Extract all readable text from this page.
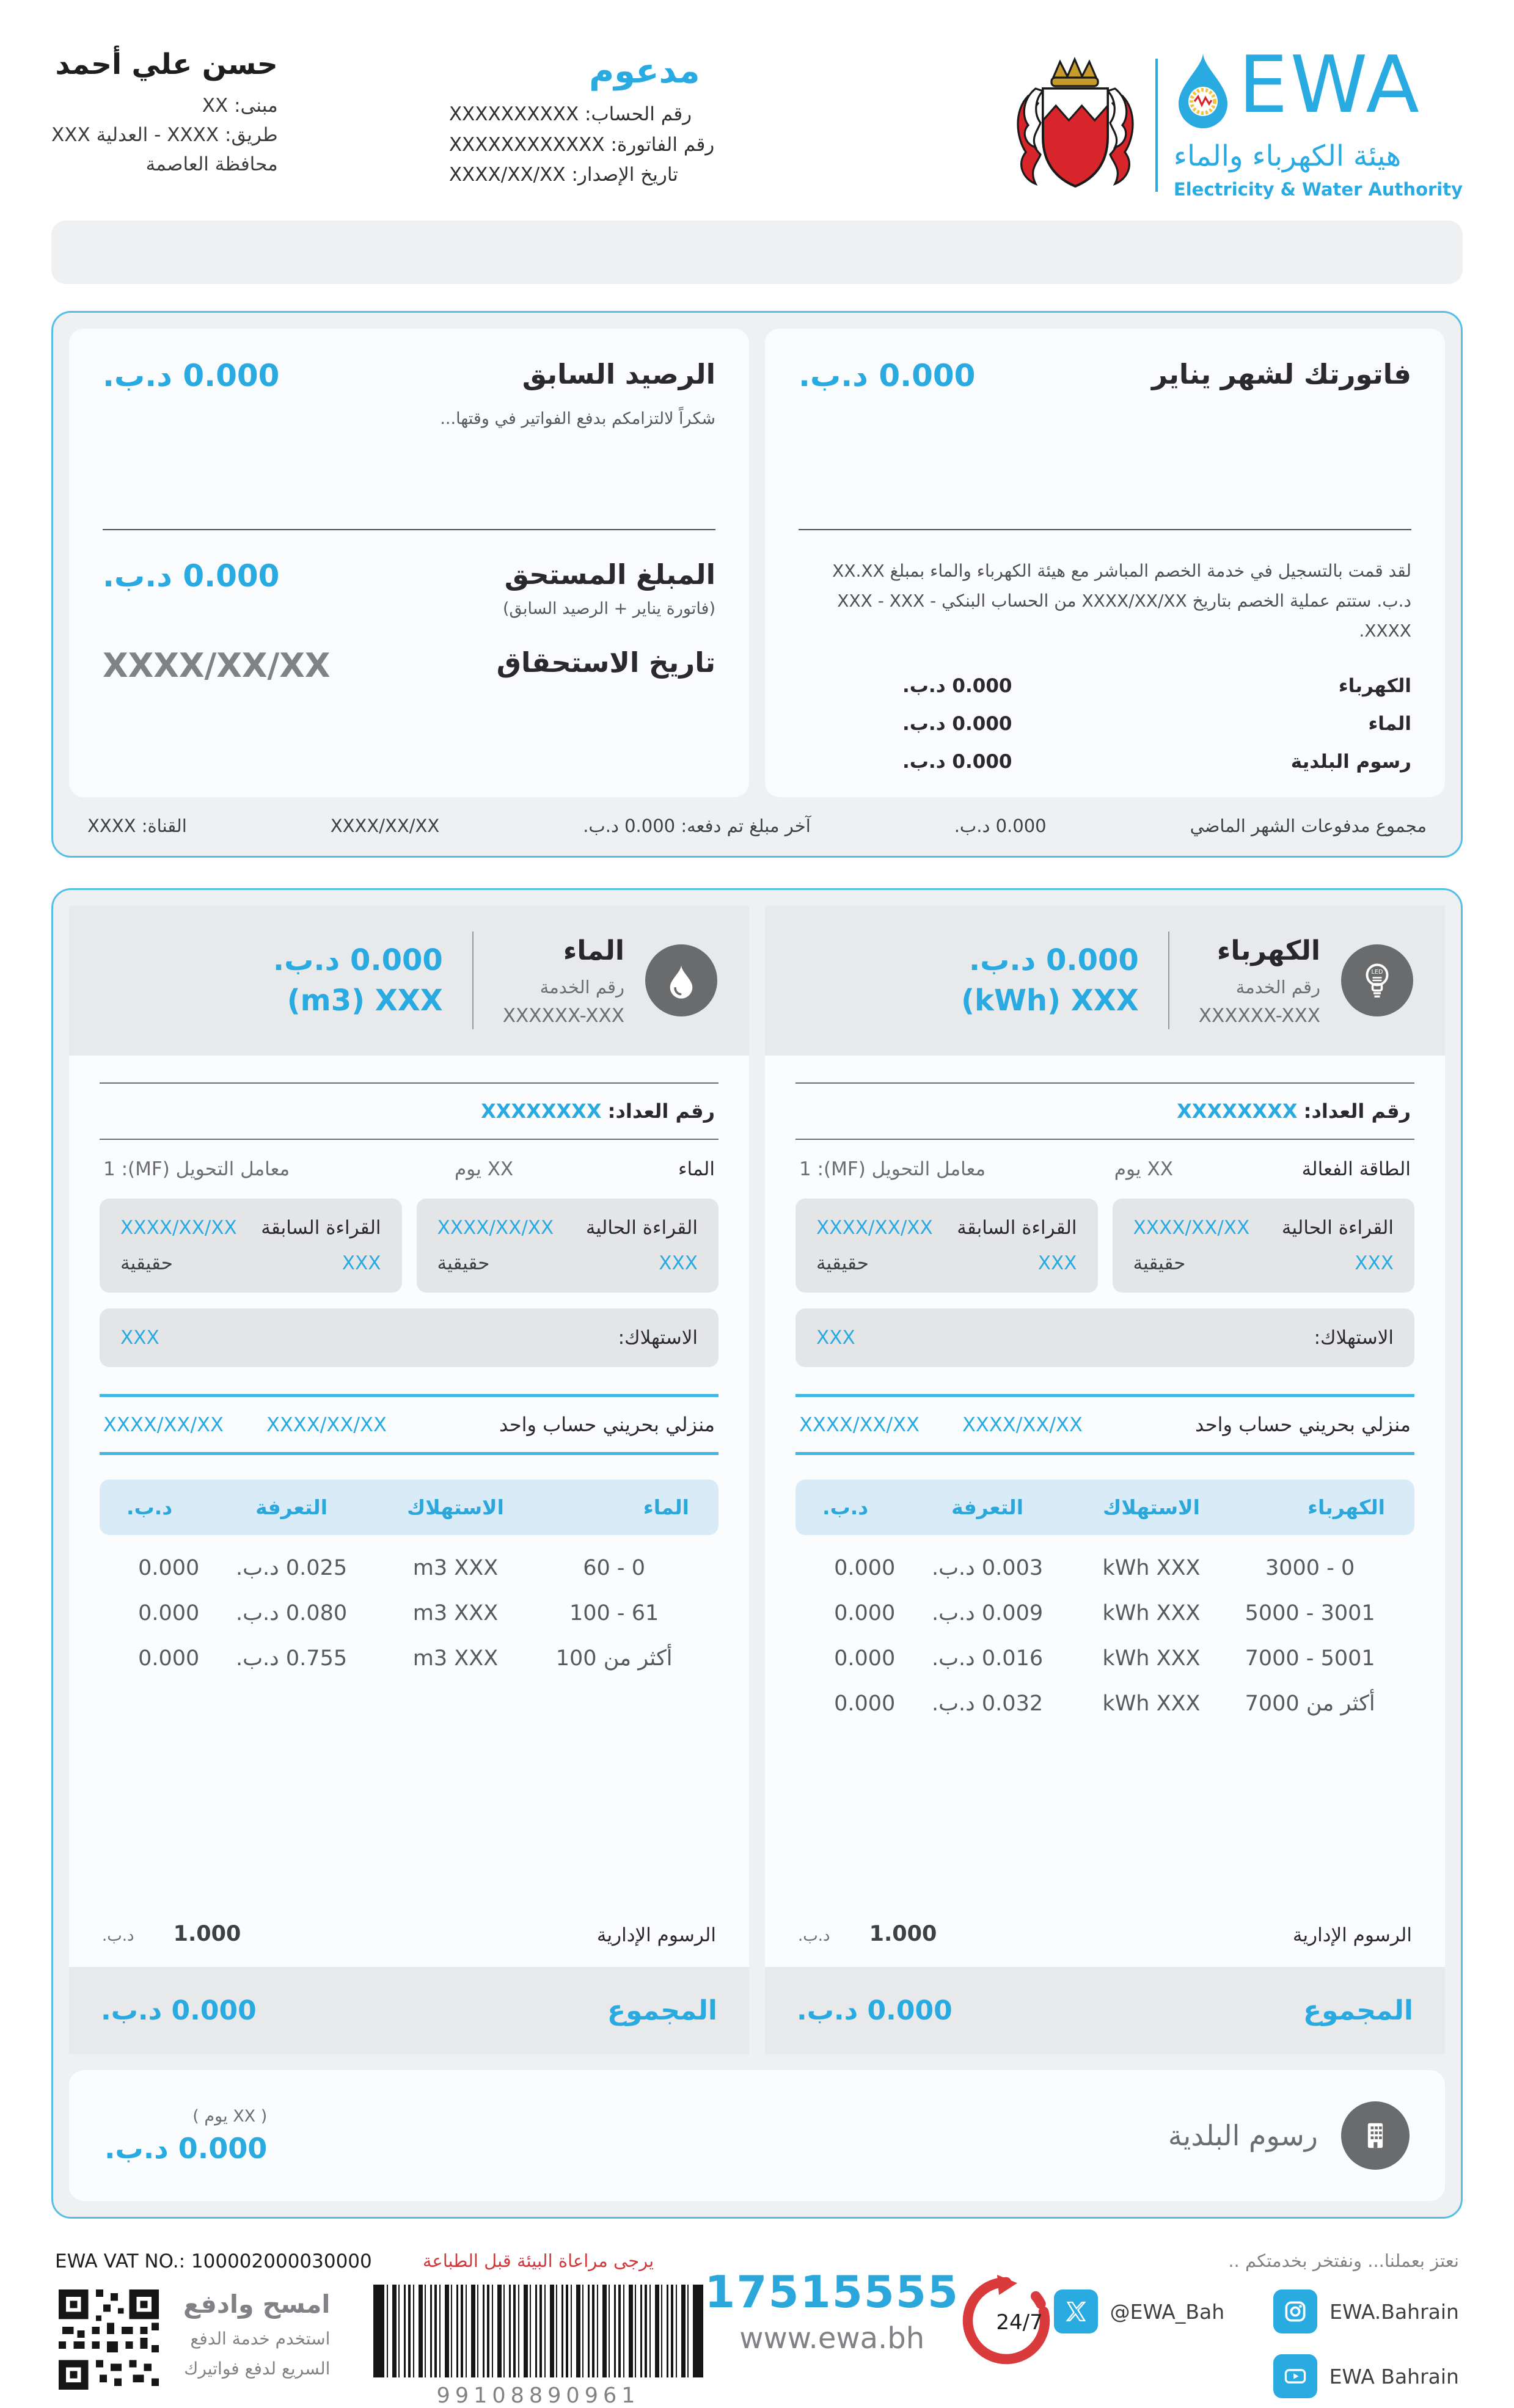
EWA
هيئة الكهرباء والماء
Electricity & Water Authority
مدعوم
رقم الحساب: XXXXXXXXXX
رقم الفاتورة: XXXXXXXXXXXX
تاريخ الإصدار: XXXX/XX/XX
حسن علي أحمد
مبنى: XX
طريق: XXXX - العدلية XXX
محافظة العاصمة
فاتورتك لشهر يناير
0.000 د.ب.
لقد قمت بالتسجيل في خدمة الخصم المباشر مع هيئة الكهرباء والماء بمبلغ XX.XX د.ب. ستتم عملية الخصم بتاريخ XXXX/XX/XX من الحساب البنكي - XXX - XXX XXXX.
الكهرباء
0.000 د.ب.
الماء
0.000 د.ب.
رسوم البلدية
0.000 د.ب.
الرصيد السابق
0.000 د.ب.
شكراً لالتزامكم بدفع الفواتير في وقتها...
المبلغ المستحق
(فاتورة يناير + الرصيد السابق)
0.000 د.ب.
تاريخ الاستحقاق
XXXX/XX/XX
مجموع مدفوعات الشهر الماضي
0.000 د.ب.
آخر مبلغ تم دفعه: 0.000 د.ب.
XXXX/XX/XX
القناة: XXXX
LED
الكهرباء
رقم الخدمة
XXXXXX-XXX
0.000 د.ب.
(kWh) XXX
رقم العداد: XXXXXXXX
الطاقة الفعالة
XX يوم
معامل التحويل (MF): 1
القراءة الحالية
XXXX/XX/XX
XXX
حقيقية
القراءة السابقة
XXXX/XX/XX
XXX
حقيقية
الاستهلاك:
XXX
منزلي بحريني حساب واحد
XXXX/XX/XX
XXXX/XX/XX
الكهرباء
الاستهلاك
التعرفة
د.ب.
0 - 3000
kWh XXX
0.003 د.ب.
0.000
3001 - 5000
kWh XXX
0.009 د.ب.
0.000
5001 - 7000
kWh XXX
0.016 د.ب.
0.000
أكثر من 7000
kWh XXX
0.032 د.ب.
0.000
الرسوم الإدارية
1.000
د.ب.
المجموع
0.000 د.ب.
الماء
رقم الخدمة
XXXXXX-XXX
0.000 د.ب.
(m3) XXX
رقم العداد: XXXXXXXX
الماء
XX يوم
معامل التحويل (MF): 1
القراءة الحالية
XXXX/XX/XX
XXX
حقيقية
القراءة السابقة
XXXX/XX/XX
XXX
حقيقية
الاستهلاك:
XXX
منزلي بحريني حساب واحد
XXXX/XX/XX
XXXX/XX/XX
الماء
الاستهلاك
التعرفة
د.ب.
0 - 60
m3 XXX
0.025 د.ب.
0.000
61 - 100
m3 XXX
0.080 د.ب.
0.000
أكثر من 100
m3 XXX
0.755 د.ب.
0.000
الرسوم الإدارية
1.000
د.ب.
المجموع
0.000 د.ب.
رسوم البلدية
( XX يوم )
0.000 د.ب.
EWA VAT NO.: 100002000030000
امسح وادفع
استخدم خدمة الدفع
السريع لدفع فواتيرك
يرجى مراعاة البيئة قبل الطباعة
99108890961
17515555
www.ewa.bh	24/7
نعتز بعملنا... ونفتخر بخدمتكم ..
EWA.Bahrain
@EWA_Bah
EWA Bahrain
